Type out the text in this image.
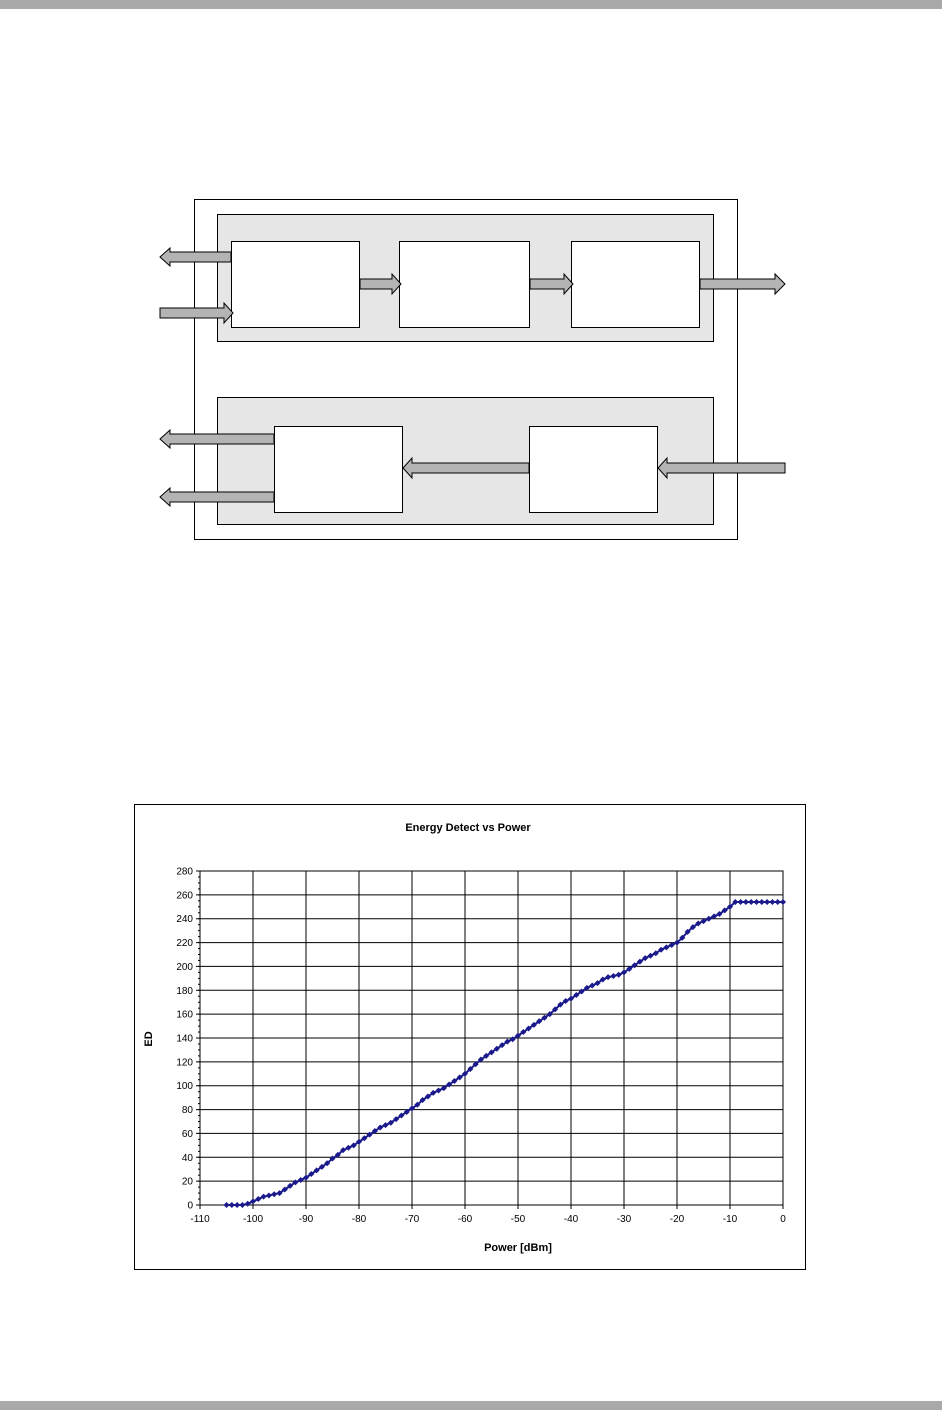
Energy Detect vs Power
-110	-100	-90	-80	-70	-60	-50	-40	-30	-20	-10	0
0
20
40
60
80
100
120
140
160
180
200
220
240
260
280
Power [dBm]
ED
